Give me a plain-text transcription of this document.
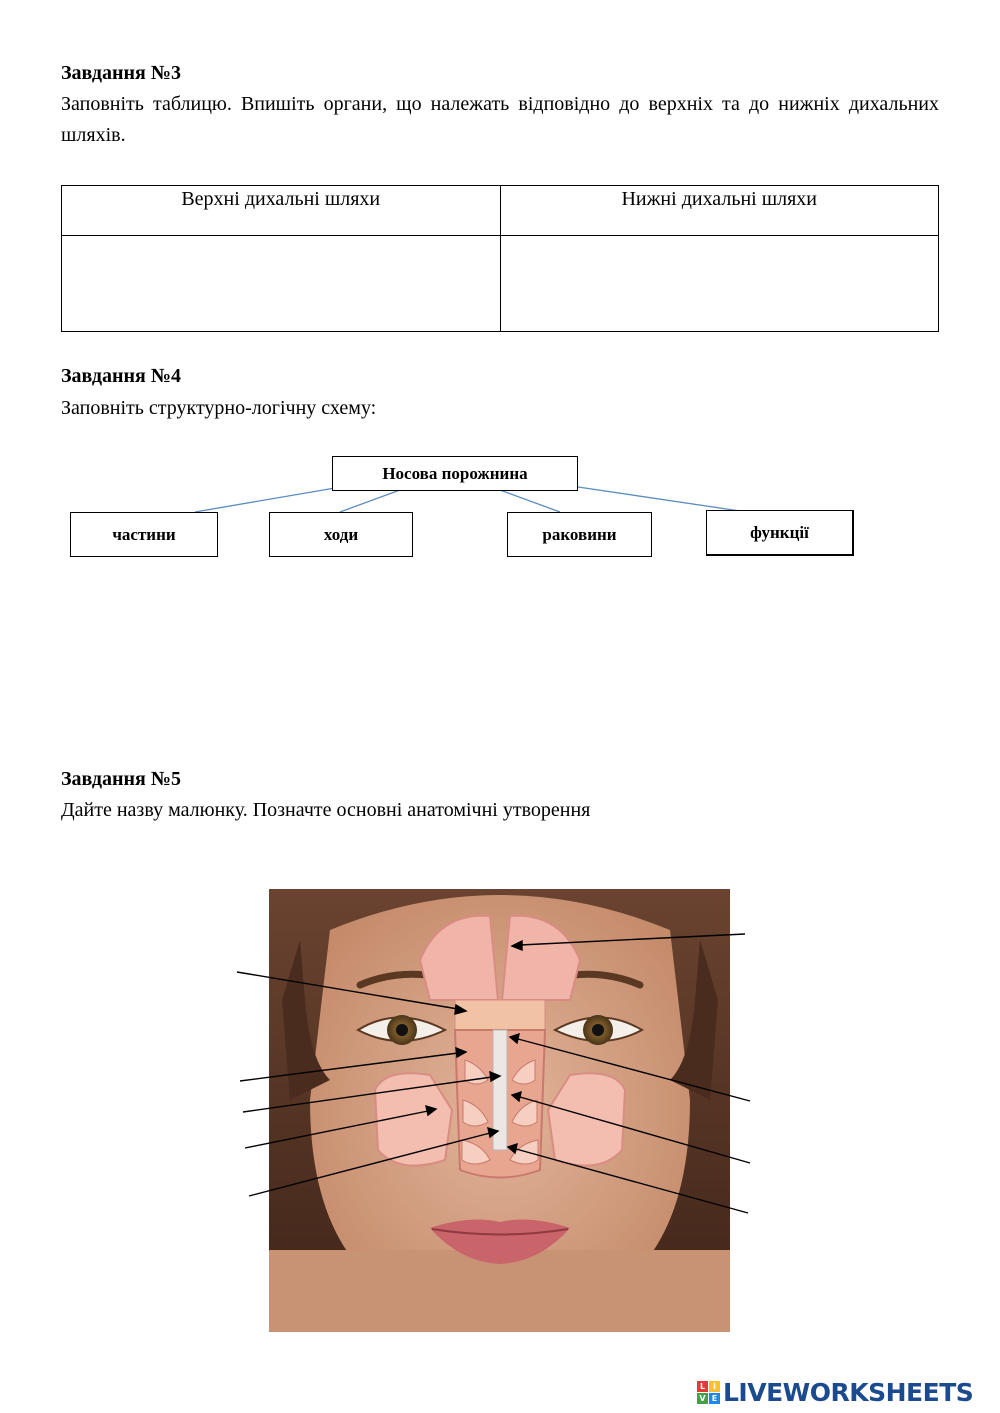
Завдання №3
Заповніть таблицю. Впишіть органи, що належать відповідно до верхніх та до нижніх дихальних шляхів.
Верхні дихальні шляхи	Нижні дихальні шляхи

Завдання №4
Заповніть структурно-логічну схему:
Носова порожнина
частини	ходи	раковини	функції
Завдання №5
Дайте назву малюнку. Позначте основні анатомічні утворення
L I
V E LIVEWORKSHEETS
